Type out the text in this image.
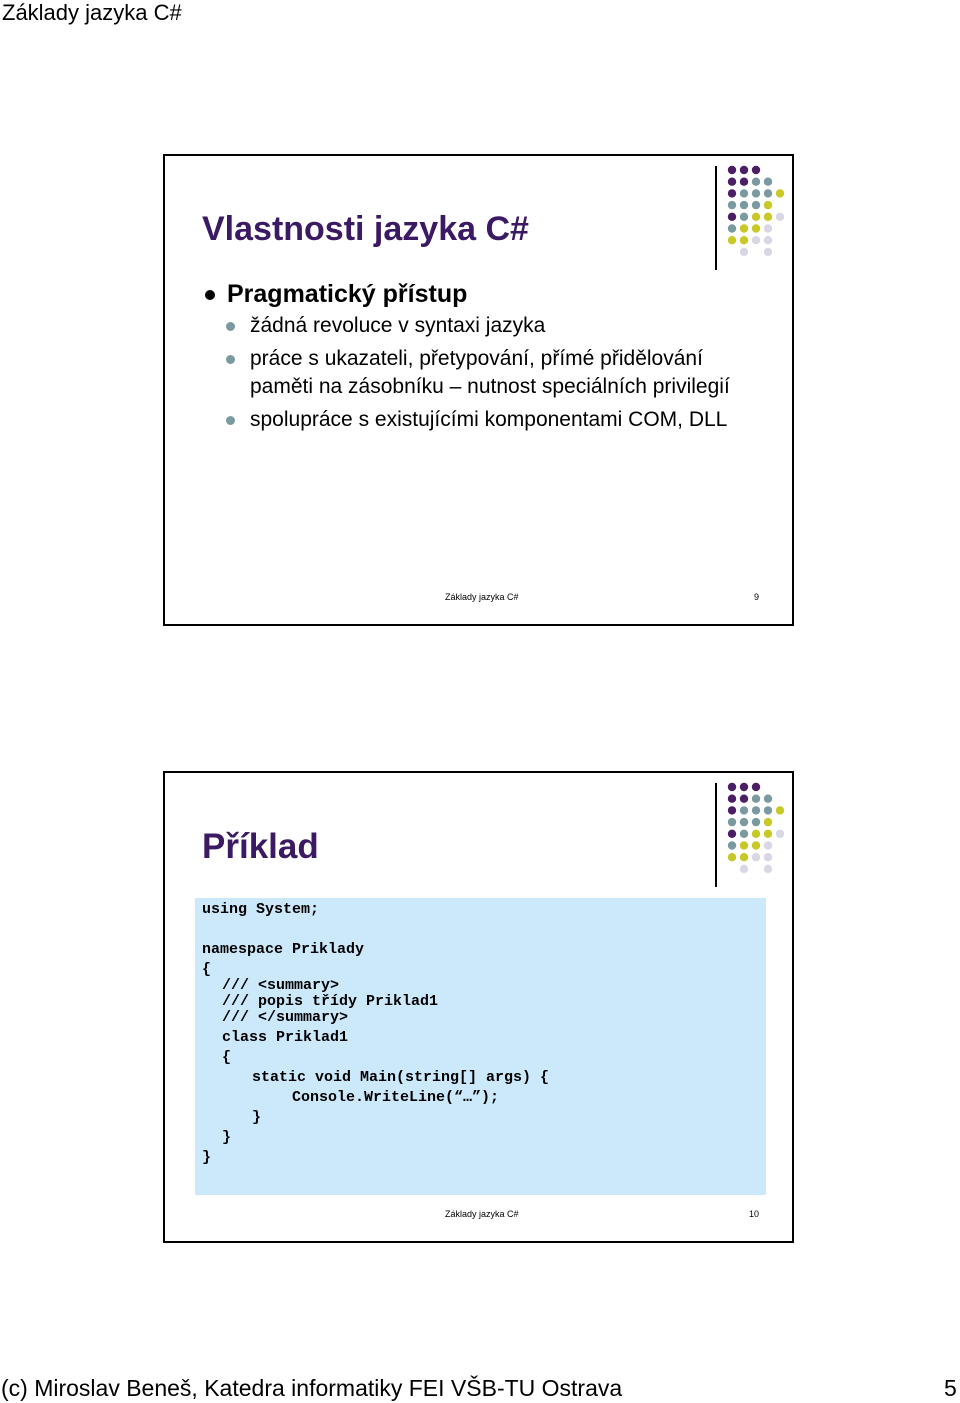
Základy jazyka C#
Vlastnosti jazyka C#
Pragmatický přístup
žádná revoluce v syntaxi jazyka
práce s ukazateli, přetypování, přímé přidělování paměti na zásobníku – nutnost speciálních privilegií
spolupráce s existujícími komponentami COM, DLL
Základy jazyka C#	9
Příklad
using System;
namespace Priklady
{
/// <summary>
/// popis třídy Priklad1
/// </summary>
class Priklad1
{
static void Main(string[] args) {
Console.WriteLine(“…”);
}
}
}
Základy jazyka C#	10
(c) Miroslav Beneš, Katedra informatiky FEI VŠB-TU Ostrava	5
